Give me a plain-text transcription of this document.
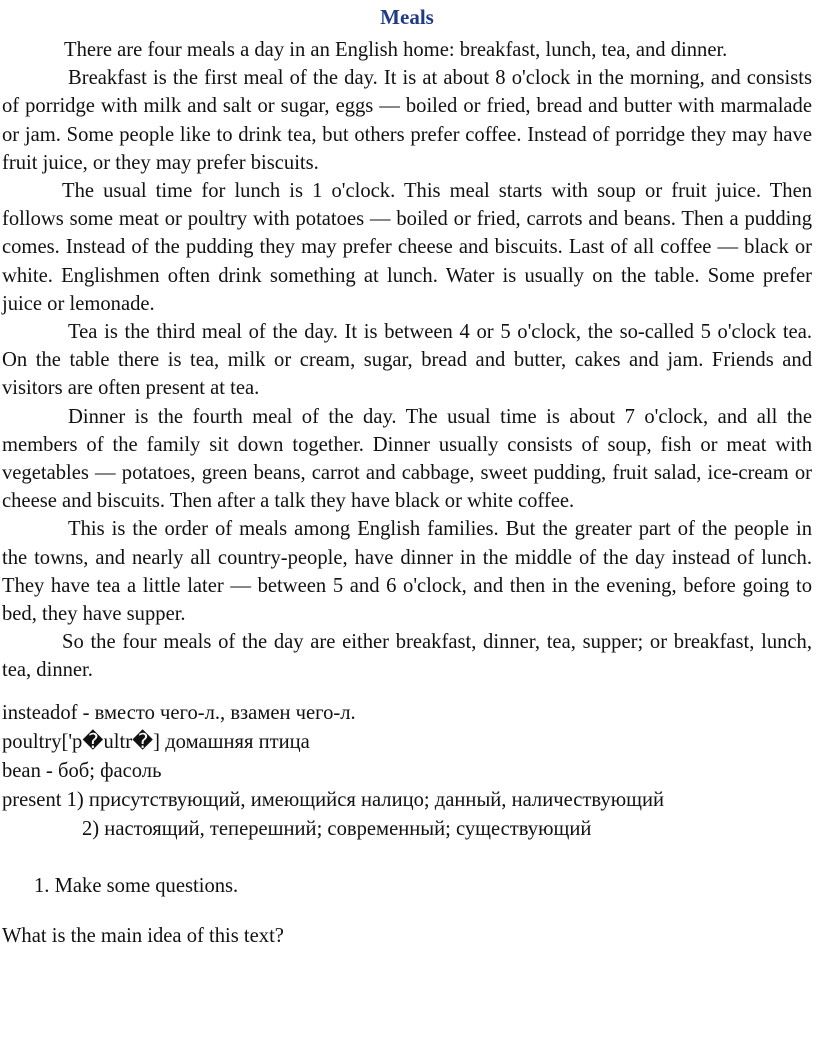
Meals

There are four meals a day in an English home: breakfast, lunch, tea, and dinner.

Breakfast is the first meal of the day. It is at about 8 o'clock in the morning, and consists of porridge with milk and salt or sugar, eggs — boiled or fried, bread and butter with marmalade or jam. Some people like to drink tea, but others prefer coffee. Instead of porridge they may have fruit juice, or they may prefer biscuits.

The usual time for lunch is 1 o'clock. This meal starts with soup or fruit juice. Then follows some meat or poultry with potatoes — boiled or fried, carrots and beans. Then a pudding comes. Instead of the pudding they may prefer cheese and biscuits. Last of all coffee — black or white. Englishmen often drink something at lunch. Water is usually on the table. Some prefer juice or lemonade.

Tea is the third meal of the day. It is between 4 or 5 o'clock, the so-called 5 o'clock tea. On the table there is tea, milk or cream, sugar, bread and butter, cakes and jam. Friends and visitors are often present at tea.

Dinner is the fourth meal of the day. The usual time is about 7 o'clock, and all the members of the family sit down together. Dinner usually consists of soup, fish or meat with vegetables — potatoes, green beans, carrot and cabbage, sweet pudding, fruit salad, ice-cream or cheese and biscuits. Then after a talk they have black or white coffee.

This is the order of meals among English families. But the greater part of the people in the towns, and nearly all country-people, have dinner in the middle of the day instead of lunch. They have tea a little later — between 5 and 6 o'clock, and then in the evening, before going to bed, they have supper.

So the four meals of the day are either breakfast, dinner, tea, supper; or breakfast, lunch, tea, dinner.

insteadof - вместо чего-л., взамен чего-л.
poultry['p�ultr�] домашняя птица
bean - боб; фасоль
present 1) присутствующий, имеющийся налицо; данный, наличествующий
2) настоящий, теперешний; современный; существующий
1. Make some questions.
What is the main idea of this text?
